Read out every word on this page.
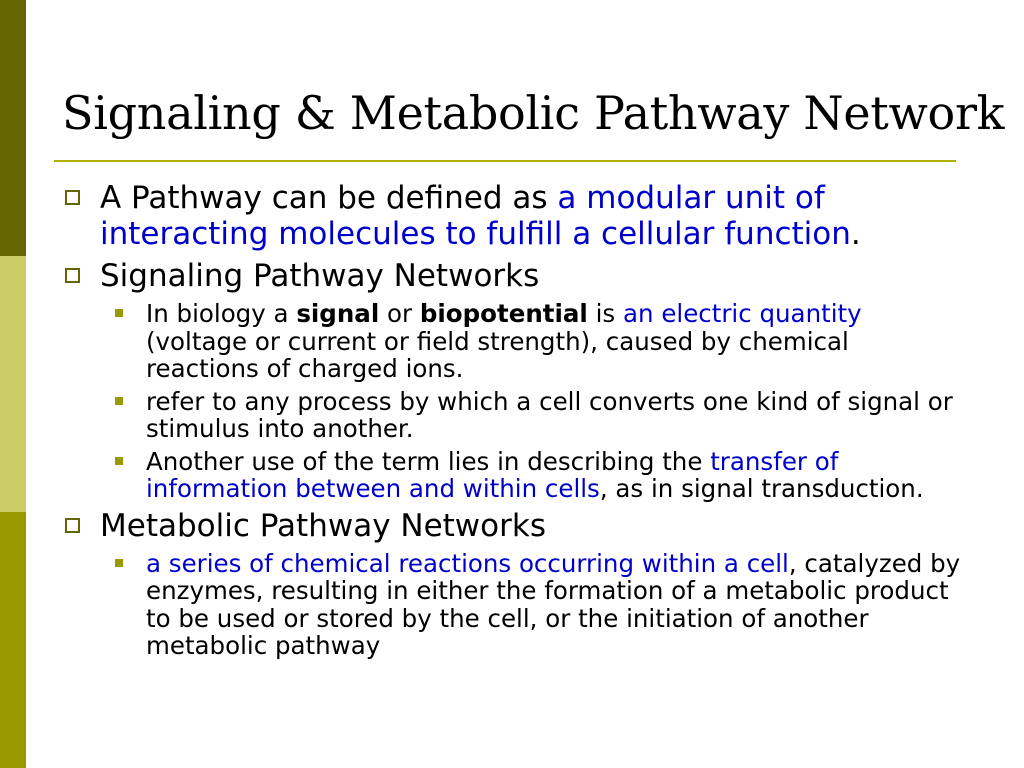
Signaling & Metabolic Pathway Network
A Pathway can be defined as a modular unit of interacting molecules to fulfill a cellular function.
Signaling Pathway Networks
In biology a signal or biopotential is an electric quantity (voltage or current or field strength), caused by chemical reactions of charged ions.
refer to any process by which a cell converts one kind of signal or stimulus into another.
Another use of the term lies in describing the transfer of information between and within cells, as in signal transduction.
Metabolic Pathway Networks
a series of chemical reactions occurring within a cell, catalyzed by enzymes, resulting in either the formation of a metabolic product to be used or stored by the cell, or the initiation of another metabolic pathway
